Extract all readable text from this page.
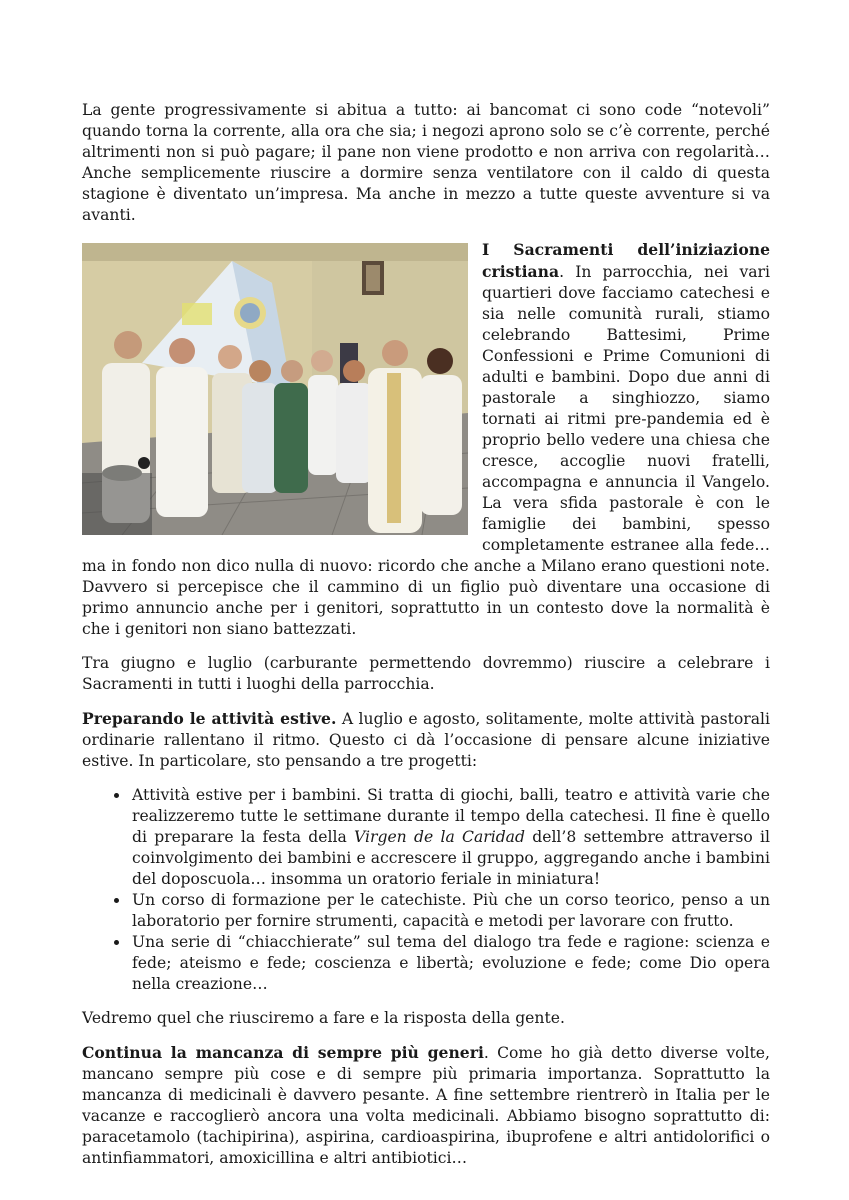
La gente progressivamente si abitua a tutto: ai bancomat ci sono code “notevoli” quando torna la corrente, alla ora che sia; i negozi aprono solo se c’è corrente, perché altrimenti non si può pagare; il pane non viene prodotto e non arriva con regolarità… Anche semplicemente riuscire a dormire senza ventilatore con il caldo di questa stagione è diventato un’impresa. Ma anche in mezzo a tutte queste avventure si va avanti.

I Sacramenti dell’iniziazione cristiana. In parrocchia, nei vari quartieri dove facciamo catechesi e sia nelle comunità rurali, stiamo celebrando Battesimi, Prime Confessioni e Prime Comunioni di adulti e bambini. Dopo due anni di pastorale a singhiozzo, siamo tornati ai ritmi pre-pandemia ed è proprio bello vedere una chiesa che cresce, accoglie nuovi fratelli, accompagna e annuncia il Vangelo. La vera sfida pastorale è con le famiglie dei bambini, spesso completamente estranee alla fede… ma in fondo non dico nulla di nuovo: ricordo che anche a Milano erano questioni note. Davvero si percepisce che il cammino di un figlio può diventare una occasione di primo annuncio anche per i genitori, soprattutto in un contesto dove la normalità è che i genitori non siano battezzati.

Tra giugno e luglio (carburante permettendo dovremmo) riuscire a celebrare i Sacramenti in tutti i luoghi della parrocchia.

Preparando le attività estive. A luglio e agosto, solitamente, molte attività pastorali ordinarie rallentano il ritmo. Questo ci dà l’occasione di pensare alcune iniziative estive. In particolare, sto pensando a tre progetti:

• Attività estive per i bambini. Si tratta di giochi, balli, teatro e attività varie che realizzeremo tutte le settimane durante il tempo della catechesi. Il fine è quello di preparare la festa della Virgen de la Caridad dell’8 settembre attraverso il coinvolgimento dei bambini e accrescere il gruppo, aggregando anche i bambini del doposcuola… insomma un oratorio feriale in miniatura!
• Un corso di formazione per le catechiste. Più che un corso teorico, penso a un laboratorio per fornire strumenti, capacità e metodi per lavorare con frutto.
• Una serie di “chiacchierate” sul tema del dialogo tra fede e ragione: scienza e fede; ateismo e fede; coscienza e libertà; evoluzione e fede; come Dio opera nella creazione…

Vedremo quel che riusciremo a fare e la risposta della gente.

Continua la mancanza di sempre più generi. Come ho già detto diverse volte, mancano sempre più cose e di sempre più primaria importanza. Soprattutto la mancanza di medicinali è davvero pesante. A fine settembre rientrerò in Italia per le vacanze e raccoglierò ancora una volta medicinali. Abbiamo bisogno soprattutto di: paracetamolo (tachipirina), aspirina, cardioaspirina, ibuprofene e altri antidolorifici o antinfiammatori, amoxicillina e altri antibiotici…
